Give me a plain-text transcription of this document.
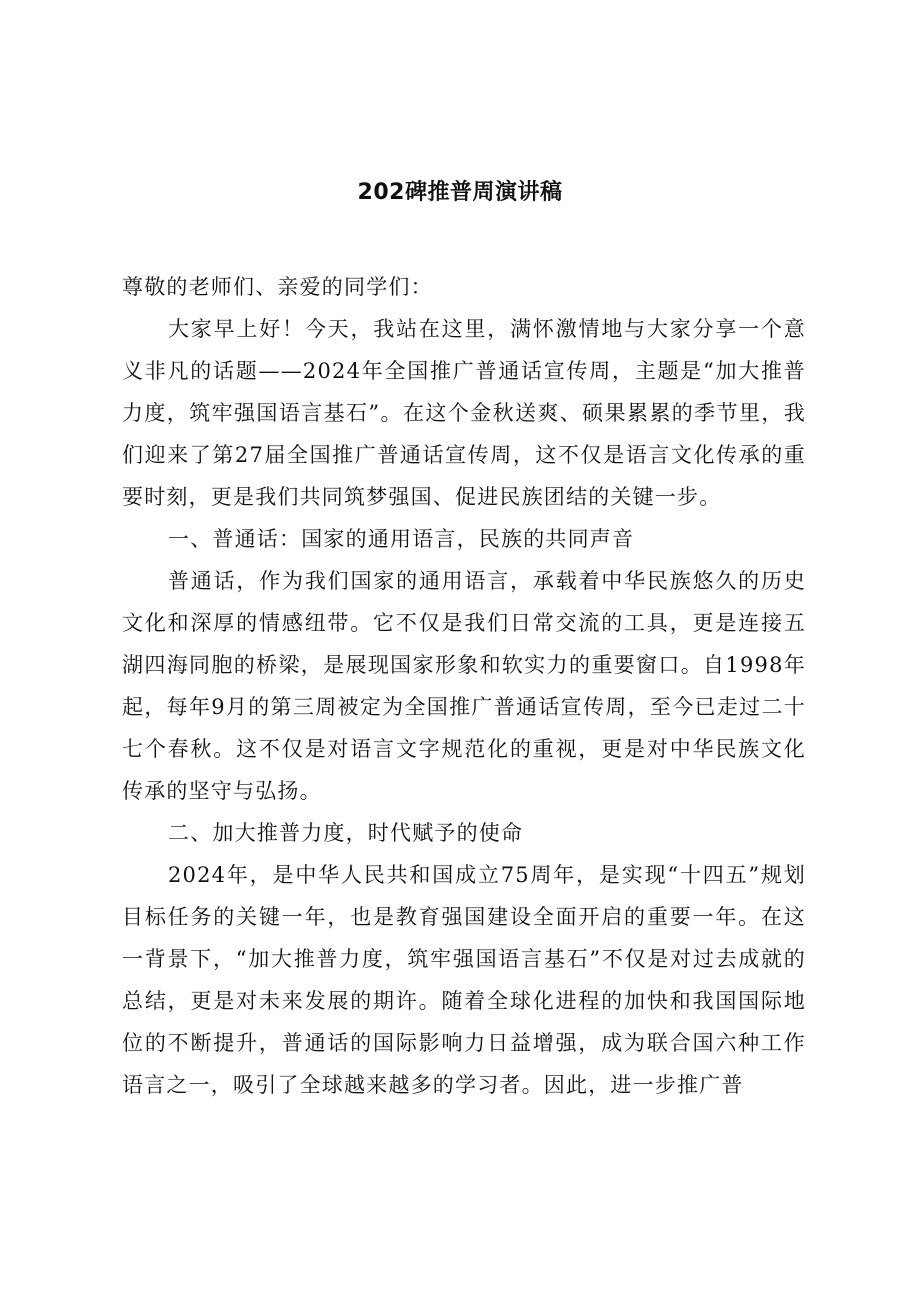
202碑推普周演讲稿

尊敬的老师们、亲爱的同学们：

大家早上好！今天，我站在这里，满怀激情地与大家分享一个意义非凡的话题——2024年全国推广普通话宣传周，主题是“加大推普力度，筑牢强国语言基石”。在这个金秋送爽、硕果累累的季节里，我们迎来了第27届全国推广普通话宣传周，这不仅是语言文化传承的重要时刻，更是我们共同筑梦强国、促进民族团结的关键一步。

一、普通话：国家的通用语言，民族的共同声音

普通话，作为我们国家的通用语言，承载着中华民族悠久的历史文化和深厚的情感纽带。它不仅是我们日常交流的工具，更是连接五湖四海同胞的桥梁，是展现国家形象和软实力的重要窗口。自1998年起，每年9月的第三周被定为全国推广普通话宣传周，至今已走过二十七个春秋。这不仅是对语言文字规范化的重视，更是对中华民族文化传承的坚守与弘扬。

二、加大推普力度，时代赋予的使命

2024年，是中华人民共和国成立75周年，是实现“十四五”规划目标任务的关键一年，也是教育强国建设全面开启的重要一年。在这一背景下，“加大推普力度，筑牢强国语言基石”不仅是对过去成就的总结，更是对未来发展的期许。随着全球化进程的加快和我国国际地位的不断提升，普通话的国际影响力日益增强，成为联合国六种工作语言之一，吸引了全球越来越多的学习者。因此，进一步推广普
